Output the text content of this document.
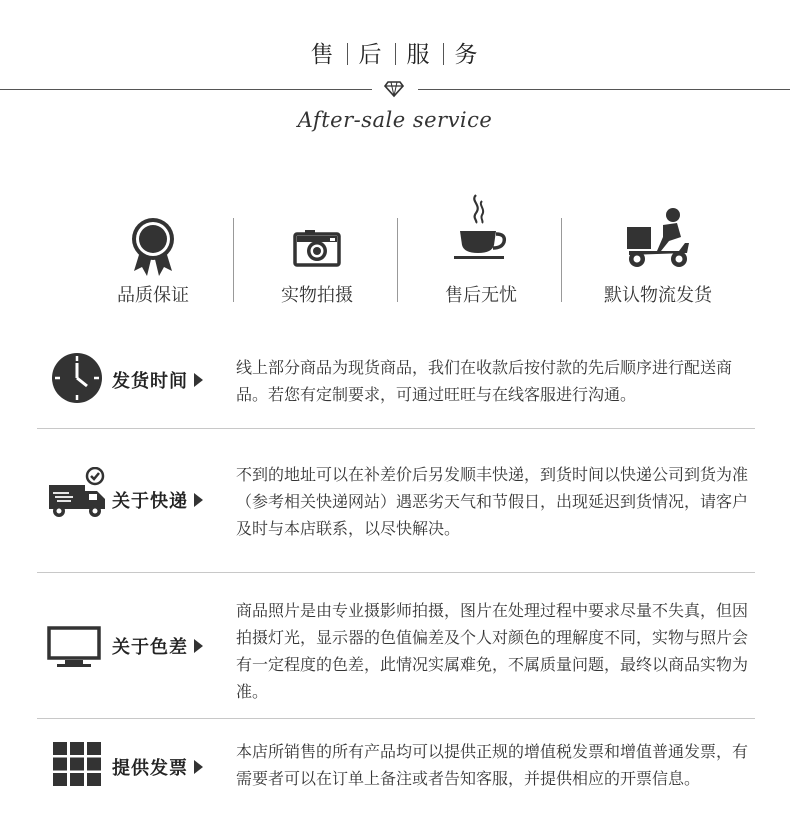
售 后 服 务
After-sale service
品质保证	实物拍摄	售后无忧	默认物流发货
发货时间
线上部分商品为现货商品，我们在收款后按付款的先后顺序进行配送商品。若您有定制要求，可通过旺旺与在线客服进行沟通。
关于快递
不到的地址可以在补差价后另发顺丰快递，到货时间以快递公司到货为准（参考相关快递网站）遇恶劣天气和节假日，出现延迟到货情况，请客户及时与本店联系，以尽快解决。
关于色差
商品照片是由专业摄影师拍摄，图片在处理过程中要求尽量不失真，但因拍摄灯光，显示器的色值偏差及个人对颜色的理解度不同，实物与照片会有一定程度的色差，此情况实属难免，不属质量问题，最终以商品实物为准。
提供发票
本店所销售的所有产品均可以提供正规的增值税发票和增值普通发票，有需要者可以在订单上备注或者告知客服，并提供相应的开票信息。
